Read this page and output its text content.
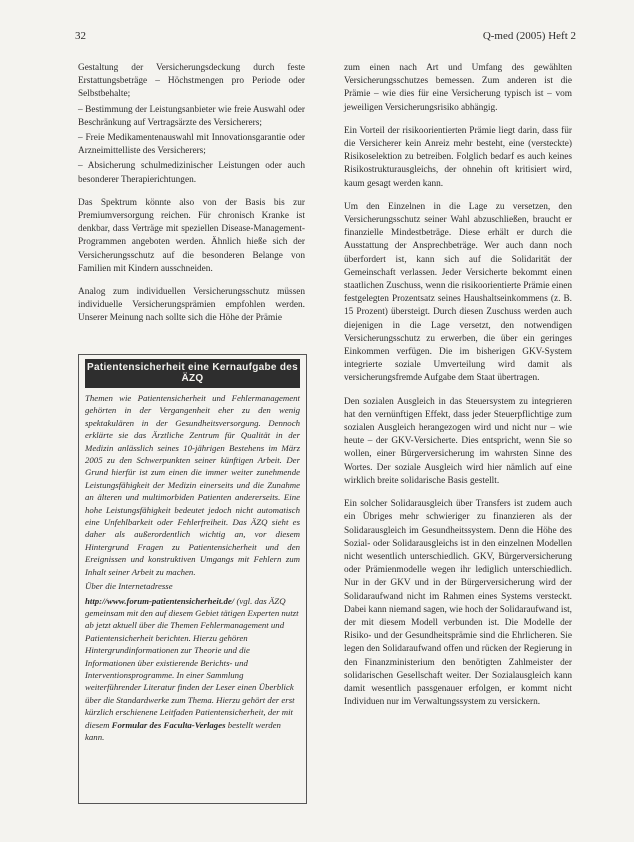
32	Q-med (2005) Heft 2

Gestaltung der Versicherungsdeckung durch feste Erstattungsbeträge – Höchstmengen pro Periode oder Selbstbehalte;

– Bestimmung der Leistungsanbieter wie freie Auswahl oder Beschränkung auf Vertragsärzte des Versicherers;

– Freie Medikamentenauswahl mit Innovationsgarantie oder Arzneimittelliste des Versicherers;

– Absicherung schulmedizinischer Leistungen oder auch besonderer Therapierichtungen.

Das Spektrum könnte also von der Basis bis zur Premiumversorgung reichen. Für chronisch Kranke ist denkbar, dass Verträge mit speziellen Disease-Management-Programmen angeboten werden. Ähnlich hieße sich der Versicherungsschutz auf die besonderen Belange von Familien mit Kindern ausschneiden.

Analog zum individuellen Versicherungsschutz müssen individuelle Versicherungsprämien empfohlen werden. Unserer Meinung nach sollte sich die Höhe der Prämie

Patientensicherheit eine Kernaufgabe des ÄZQ

Themen wie Patientensicherheit und Fehlermanagement gehörten in der Vergangenheit eher zu den wenig spektakulären in der Gesundheitsversorgung. Dennoch erklärte sie das Ärztliche Zentrum für Qualität in der Medizin anlässlich seines 10-jährigen Bestehens im März 2005 zu den Schwerpunkten seiner künftigen Arbeit. Der Grund hierfür ist zum einen die immer weiter zunehmende Leistungsfähigkeit der Medizin einerseits und die Zunahme an älteren und multimorbiden Patienten andererseits. Eine hohe Leistungsfähigkeit bedeutet jedoch nicht automatisch eine Unfehlbarkeit oder Fehlerfreiheit. Das ÄZQ sieht es daher als außerordentlich wichtig an, vor diesem Hintergrund Fragen zu Patientensicherheit und den Ereignissen und konstruktiven Umgangs mit Fehlern zum Inhalt seiner Arbeit zu machen.

Über die Internetadresse

http://www.forum-patientensicherheit.de/ (vgl. das ÄZQ gemeinsam mit den auf diesem Gebiet tätigen Experten nutzt ab jetzt aktuell über die Themen Fehlermanagement und Patientensicherheit berichten. Hierzu gehören Hintergrundinformationen zur Theorie und die Informationen über existierende Berichts- und Interventionsprogramme. In einer Sammlung weiterführender Literatur finden der Leser einen Überblick über die Standardwerke zum Thema. Hierzu gehört der erst kürzlich erschienene Leitfaden Patientensicherheit, der mit diesem Formular des Faculta-Verlages bestellt werden kann.

zum einen nach Art und Umfang des gewählten Versicherungsschutzes bemessen. Zum anderen ist die Prämie – wie dies für eine Versicherung typisch ist – vom jeweiligen Versicherungsrisiko abhängig.

Ein Vorteil der risikoorientierten Prämie liegt darin, dass für die Versicherer kein Anreiz mehr besteht, eine (versteckte) Risikoselektion zu betreiben. Folglich bedarf es auch keines Risikostrukturausgleichs, der ohnehin oft kritisiert wird, kaum gesagt werden kann.

Um den Einzelnen in die Lage zu versetzen, den Versicherungsschutz seiner Wahl abzuschließen, braucht er finanzielle Mindestbeträge. Diese erhält er durch die Ausstattung der Ansprechbeträge. Wer auch dann noch überfordert ist, kann sich auf die Solidarität der Gemeinschaft verlassen. Jeder Versicherte bekommt einen staatlichen Zuschuss, wenn die risikoorientierte Prämie einen festgelegten Prozentsatz seines Haushaltseinkommens (z. B. 15 Prozent) übersteigt. Durch diesen Zuschuss werden auch diejenigen in die Lage versetzt, den notwendigen Versicherungsschutz zu erwerben, die über ein geringes Einkommen verfügen. Die im bisherigen GKV-System integrierte soziale Umverteilung wird damit als versicherungsfremde Aufgabe dem Staat übertragen.

Den sozialen Ausgleich in das Steuersystem zu integrieren hat den vernünftigen Effekt, dass jeder Steuerpflichtige zum sozialen Ausgleich herangezogen wird und nicht nur – wie heute – der GKV-Versicherte. Dies entspricht, wenn Sie so wollen, einer Bürgerversicherung im wahrsten Sinne des Wortes. Der soziale Ausgleich wird hier nämlich auf eine wirklich breite solidarische Basis gestellt.

Ein solcher Solidarausgleich über Transfers ist zudem auch ein Übriges mehr schwieriger zu finanzieren als der Solidarausgleich im Gesundheitssystem. Denn die Höhe des Sozial- oder Solidarausgleichs ist in den einzelnen Modellen nicht wesentlich unterschiedlich. GKV, Bürgerversicherung oder Prämienmodelle wegen ihr lediglich unterschiedlich. Nur in der GKV und in der Bürgerversicherung wird der Solidaraufwand nicht im Rahmen eines Systems versteckt. Dabei kann niemand sagen, wie hoch der Solidaraufwand ist, der mit diesem Modell verbunden ist. Die Modelle der Risiko- und der Gesundheitsprämie sind die Ehrlicheren. Sie legen den Solidaraufwand offen und rücken der Regierung in den Finanzministerium den benötigten Zahlmeister der solidarischen Gesellschaft weiter. Der Sozialausgleich kann damit wesentlich passgenauer erfolgen, er kommt nicht Individuen nur im Verwaltungssystem zu versickern.
